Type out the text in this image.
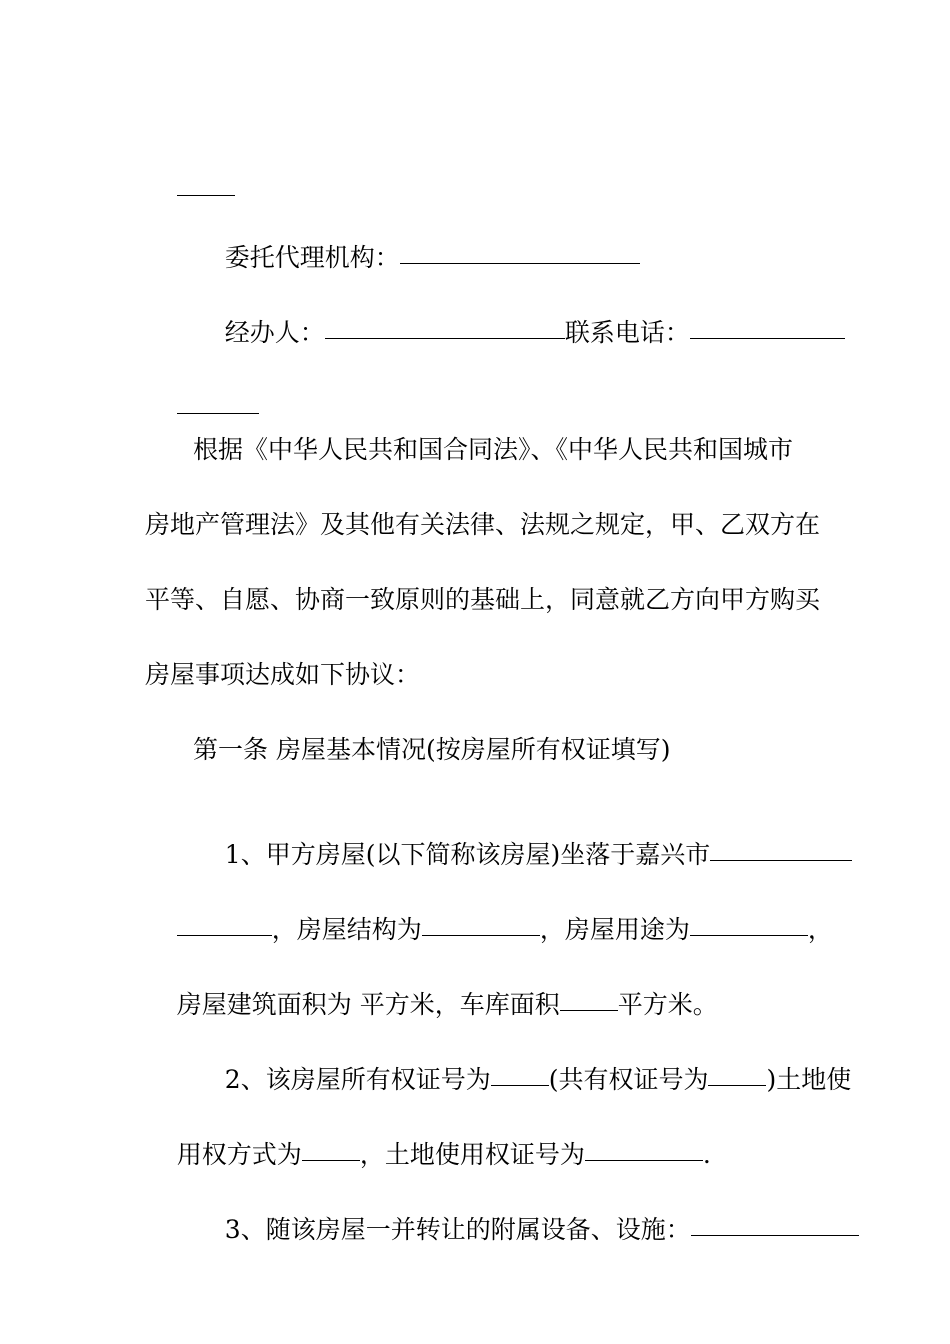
委托代理机构：

经办人：	联系电话：

根据《中华人民共和国合同法》、《中华人民共和国城市
房地产管理法》及其他有关法律、法规之规定，甲、乙双方在
平等、自愿、协商一致原则的基础上，同意就乙方向甲方购买
房屋事项达成如下协议：
第一条 房屋基本情况(按房屋所有权证填写)

1、甲方房屋(以下简称该房屋)坐落于嘉兴市

，房屋结构为	，房屋用途为	，

房屋建筑面积为 平方米，车库面积 平方米。

2、该房屋所有权证号为 (共有权证号为 )土地使

用权方式为 ，土地使用权证号为	.

3、随该房屋一并转让的附属设备、设施：
